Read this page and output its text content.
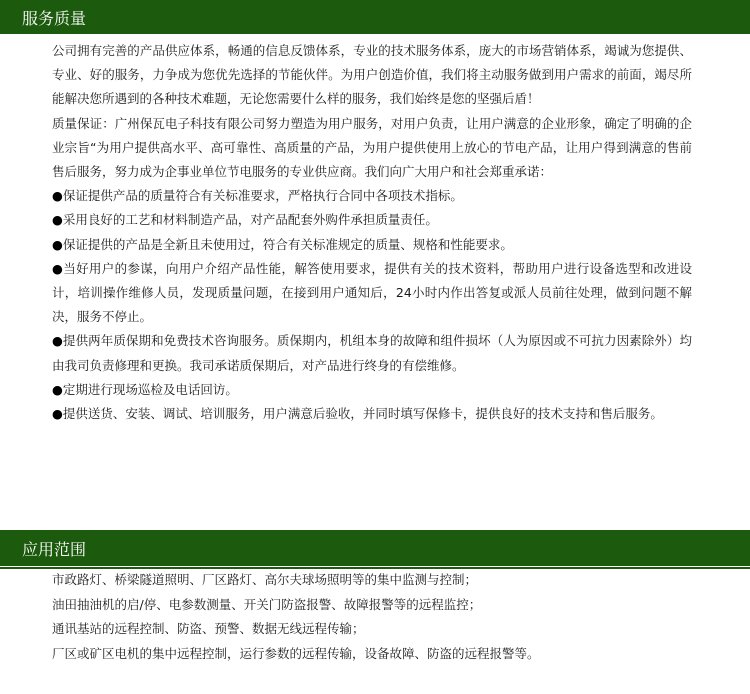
服务质量

公司拥有完善的产品供应体系，畅通的信息反馈体系，专业的技术服务体系，庞大的市场营销体系，竭诚为您提供、专业、好的服务，力争成为您优先选择的节能伙伴。为用户创造价值，我们将主动服务做到用户需求的前面，竭尽所能解决您所遇到的各种技术难题，无论您需要什么样的服务，我们始终是您的坚强后盾！

质量保证：广州保瓦电子科技有限公司努力塑造为用户服务，对用户负责，让用户满意的企业形象，确定了明确的企业宗旨“为用户提供高水平、高可靠性、高质量的产品，为用户提供使用上放心的节电产品，让用户得到满意的售前售后服务，努力成为企事业单位节电服务的专业供应商。我们向广大用户和社会郑重承诺：

●保证提供产品的质量符合有关标准要求，严格执行合同中各项技术指标。

●采用良好的工艺和材料制造产品，对产品配套外购件承担质量责任。

●保证提供的产品是全新且未使用过，符合有关标准规定的质量、规格和性能要求。

●当好用户的参谋，向用户介绍产品性能，解答使用要求，提供有关的技术资料，帮助用户进行设备选型和改进设计，培训操作维修人员，发现质量问题，在接到用户通知后，24小时内作出答复或派人员前往处理，做到问题不解决，服务不停止。

●提供两年质保期和免费技术咨询服务。质保期内，机组本身的故障和组件损坏（人为原因或不可抗力因素除外）均由我司负责修理和更换。我司承诺质保期后，对产品进行终身的有偿维修。

●定期进行现场巡检及电话回访。

●提供送货、安装、调试、培训服务，用户满意后验收，并同时填写保修卡，提供良好的技术支持和售后服务。

应用范围

市政路灯、桥梁隧道照明、厂区路灯、高尔夫球场照明等的集中监测与控制；

油田抽油机的启/停、电参数测量、开关门防盗报警、故障报警等的远程监控；

通讯基站的远程控制、防盗、预警、数据无线远程传输；

厂区或矿区电机的集中远程控制，运行参数的远程传输，设备故障、防盗的远程报警等。
